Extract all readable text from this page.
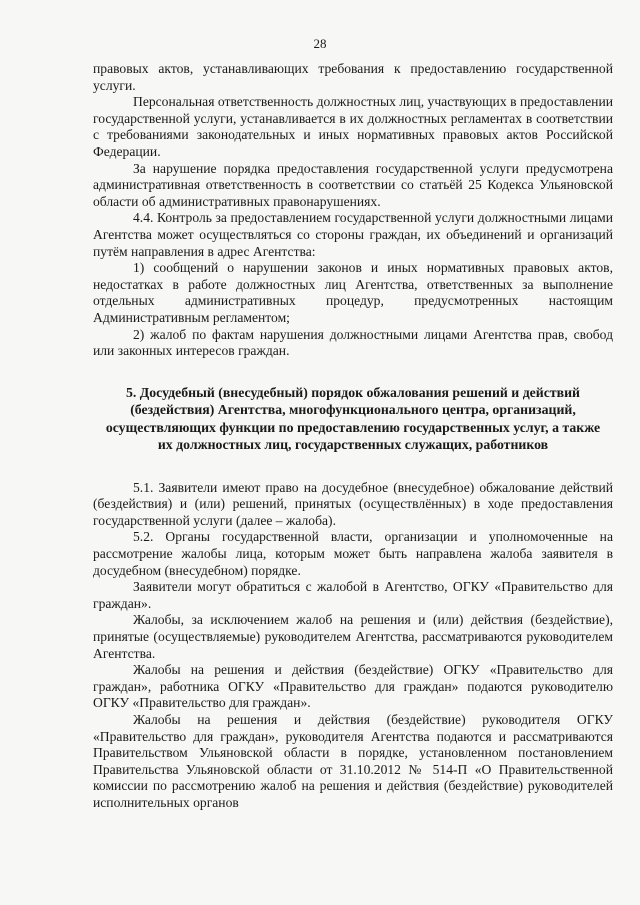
28

правовых актов, устанавливающих требования к предоставлению государственной услуги.

Персональная ответственность должностных лиц, участвующих в предоставлении государственной услуги, устанавливается в их должностных регламентах в соответствии с требованиями законодательных и иных нормативных правовых актов Российской Федерации.

За нарушение порядка предоставления государственной услуги предусмотрена административная ответственность в соответствии со статьёй 25 Кодекса Ульяновской области об административных правонарушениях.

4.4. Контроль за предоставлением государственной услуги должностными лицами Агентства может осуществляться со стороны граждан, их объединений и организаций путём направления в адрес Агентства:

1) сообщений о нарушении законов и иных нормативных правовых актов, недостатках в работе должностных лиц Агентства, ответственных за выполнение отдельных административных процедур, предусмотренных настоящим Административным регламентом;

2) жалоб по фактам нарушения должностными лицами Агентства прав, свобод или законных интересов граждан.

5. Досудебный (внесудебный) порядок обжалования решений и действий (бездействия) Агентства, многофункционального центра, организаций, осуществляющих функции по предоставлению государственных услуг, а также их должностных лиц, государственных служащих, работников

5.1. Заявители имеют право на досудебное (внесудебное) обжалование действий (бездействия) и (или) решений, принятых (осуществлённых) в ходе предоставления государственной услуги (далее – жалоба).

5.2. Органы государственной власти, организации и уполномоченные на рассмотрение жалобы лица, которым может быть направлена жалоба заявителя в досудебном (внесудебном) порядке.

Заявители могут обратиться с жалобой в Агентство, ОГКУ «Правительство для граждан».

Жалобы, за исключением жалоб на решения и (или) действия (бездействие), принятые (осуществляемые) руководителем Агентства, рассматриваются руководителем Агентства.

Жалобы на решения и действия (бездействие) ОГКУ «Правительство для граждан», работника ОГКУ «Правительство для граждан» подаются руководителю ОГКУ «Правительство для граждан».

Жалобы на решения и действия (бездействие) руководителя ОГКУ «Правительство для граждан», руководителя Агентства подаются и рассматриваются Правительством Ульяновской области в порядке, установленном постановлением Правительства Ульяновской области от 31.10.2012 № 514-П «О Правительственной комиссии по рассмотрению жалоб на решения и действия (бездействие) руководителей исполнительных органов
